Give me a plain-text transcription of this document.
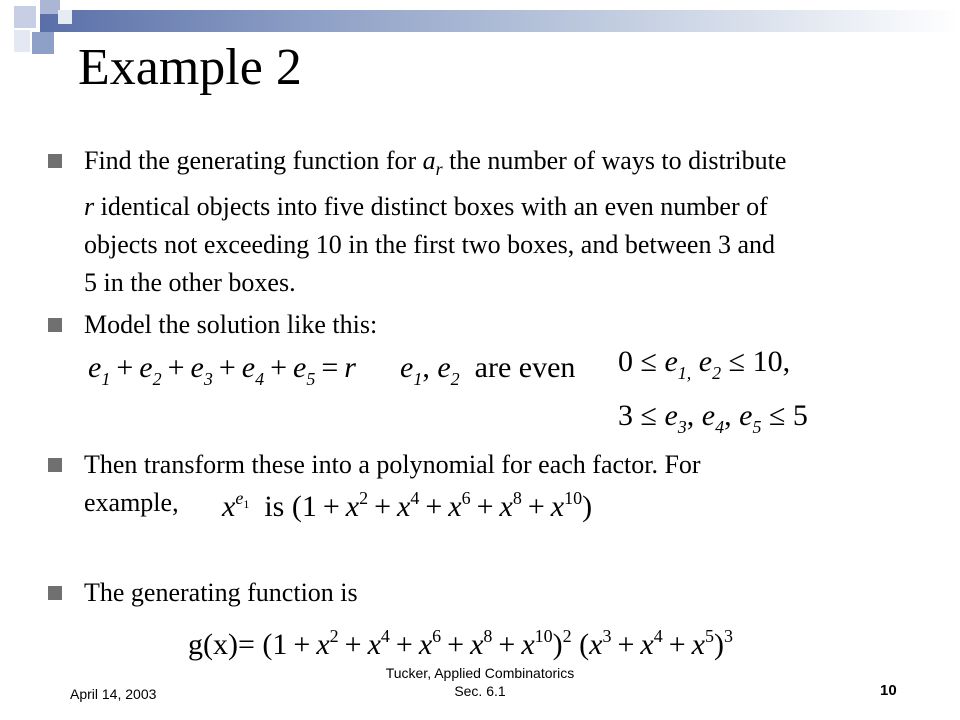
Example 2
Find the generating function for $a_r$ the number of ways to distribute
r identical objects into five distinct boxes with an even number of
objects not exceeding 10 in the first two boxes, and between 3 and
5 in the other boxes.
Model the solution like this:
$e_1 + e_2 + e_3 + e_4 + e_5 = r$ $e_1$, $e_2$  are even $0 \le e_{1,}$ $e_2 \le 10$,
$3 \le e_3$, $e_4$, $e_5 \le 5$
Then transform these into a polynomial for each factor. For
example,	$x^{e_1}$ is $(1 + x^2 + x^4 + x^6 + x^8 + x^{10})$
The generating function is
$g(x)= (1 + x^2 + x^4 + x^6 + x^8 + x^{10})^2$ $(x^3 + x^4 + x^5)^3$
April 14, 2003
Tucker, Applied Combinatorics
Sec. 6.1	10
